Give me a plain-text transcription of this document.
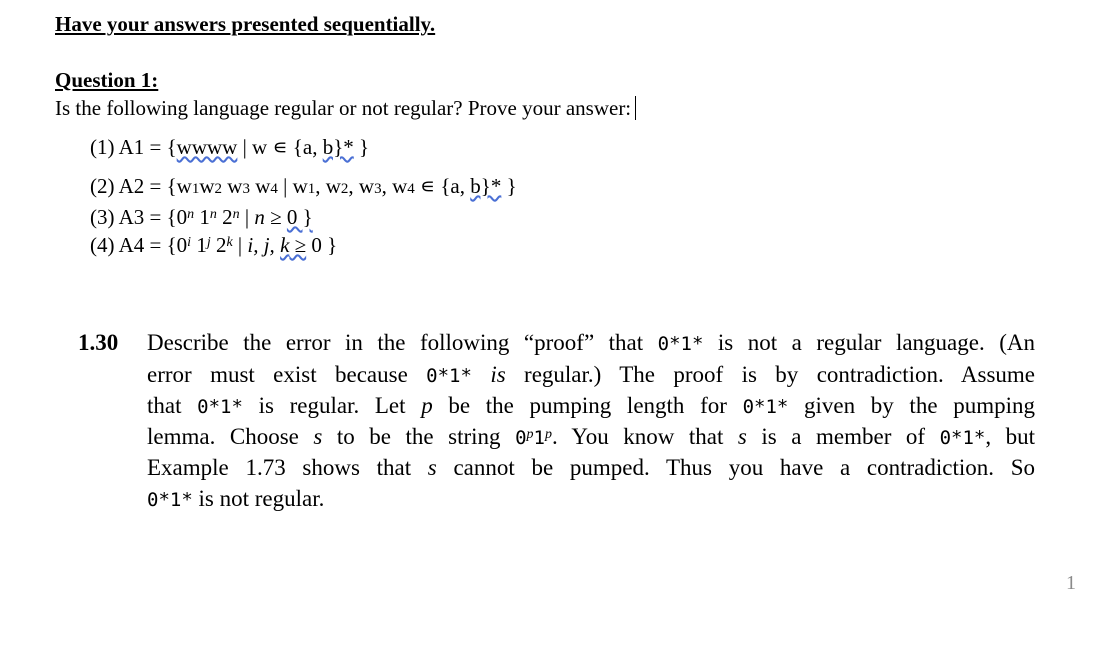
Have your answers presented sequentially.
Question 1:
Is the following language regular or not regular? Prove your answer:
(1) A1 = {wwww | w ∊ {a, b}* }
(2) A2 = {w1w2 w3 w4 | w1, w2, w3, w4 ∊ {a, b}* }
(3) $A3 = \{0^n$ 1$^n$ 2$^n$ | n ≥ 0 }
(4) $A4 = \{0^i$ 1$^j$ 2$^k$ | i, j, k ≥ 0 }
1.30 Describe the error in the following “proof” that 0*1* is not a regular language. (An
error must exist because 0*1* is regular.) The proof is by contradiction. Assume
that 0*1* is regular. Let p be the pumping length for 0*1* given by the pumping
lemma. Choose s to be the string 0$^p$1$^p$. You know that s is a member of 0*1*, but
Example 1.73 shows that s cannot be pumped. Thus you have a contradiction. So
0*1* is not regular.
1
